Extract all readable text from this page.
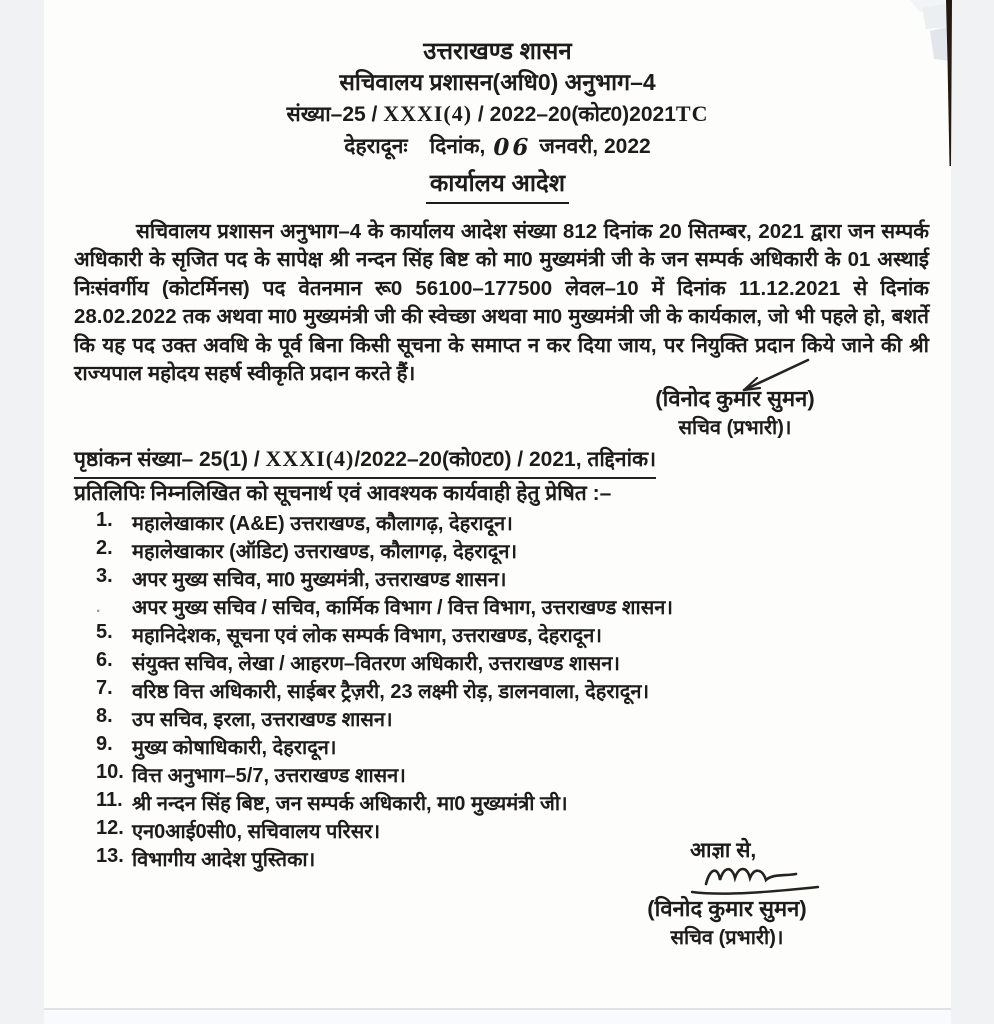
उत्तराखण्ड शासन
सचिवालय प्रशासन(अधि0) अनुभाग–4
संख्या–25 / XXXI(4) / 2022–20(कोट0)2021TC
देहरादूनः दिनांक, 06 जनवरी, 2022
कार्यालय आदेश

सचिवालय प्रशासन अनुभाग–4 के कार्यालय आदेश संख्या 812 दिनांक 20 सितम्बर, 2021 द्वारा जन सम्पर्क अधिकारी के सृजित पद के सापेक्ष श्री नन्दन सिंह बिष्ट को मा0 मुख्यमंत्री जी के जन सम्पर्क अधिकारी के 01 अस्थाई निःसंवर्गीय (कोटर्मिनस) पद वेतनमान रू0 56100–177500 लेवल–10 में दिनांक 11.12.2021 से दिनांक 28.02.2022 तक अथवा मा0 मुख्यमंत्री जी की स्वेच्छा अथवा मा0 मुख्यमंत्री जी के कार्यकाल, जो भी पहले हो, बशर्ते कि यह पद उक्त अवधि के पूर्व बिना किसी सूचना के समाप्त न कर दिया जाय, पर नियुक्ति प्रदान किये जाने की श्री राज्यपाल महोदय सहर्ष स्वीकृति प्रदान करते हैं।

(विनोद कुमार सुमन)
सचिव (प्रभारी)।
पृष्ठांकन संख्या– 25(1) / XXXI(4)/2022–20(को0ट0) / 2021, तद्दिनांक।
प्रतिलिपिः निम्नलिखित को सूचनार्थ एवं आवश्यक कार्यवाही हेतु प्रेषित :–
1. महालेखाकार (A&E) उत्तराखण्ड, कौलागढ़, देहरादून।
2. महालेखाकार (ऑडिट) उत्तराखण्ड, कौलागढ़, देहरादून।
3. अपर मुख्य सचिव, मा0 मुख्यमंत्री, उत्तराखण्ड शासन।
.	अपर मुख्य सचिव / सचिव, कार्मिक विभाग / वित्त विभाग, उत्तराखण्ड शासन।
5. महानिदेशक, सूचना एवं लोक सम्पर्क विभाग, उत्तराखण्ड, देहरादून।
6. संयुक्त सचिव, लेखा / आहरण–वितरण अधिकारी, उत्तराखण्ड शासन।
7. वरिष्ठ वित्त अधिकारी, साईबर ट्रैज़री, 23 लक्ष्मी रोड़, डालनवाला, देहरादून।
8. उप सचिव, इरला, उत्तराखण्ड शासन।
9. मुख्य कोषाधिकारी, देहरादून।
10. वित्त अनुभाग–5/7, उत्तराखण्ड शासन।
11. श्री नन्दन सिंह बिष्ट, जन सम्पर्क अधिकारी, मा0 मुख्यमंत्री जी।
12. एन0आई0सी0, सचिवालय परिसर।
13. विभागीय आदेश पुस्तिका।	आज्ञा से,
(विनोद कुमार सुमन)
सचिव (प्रभारी)।
